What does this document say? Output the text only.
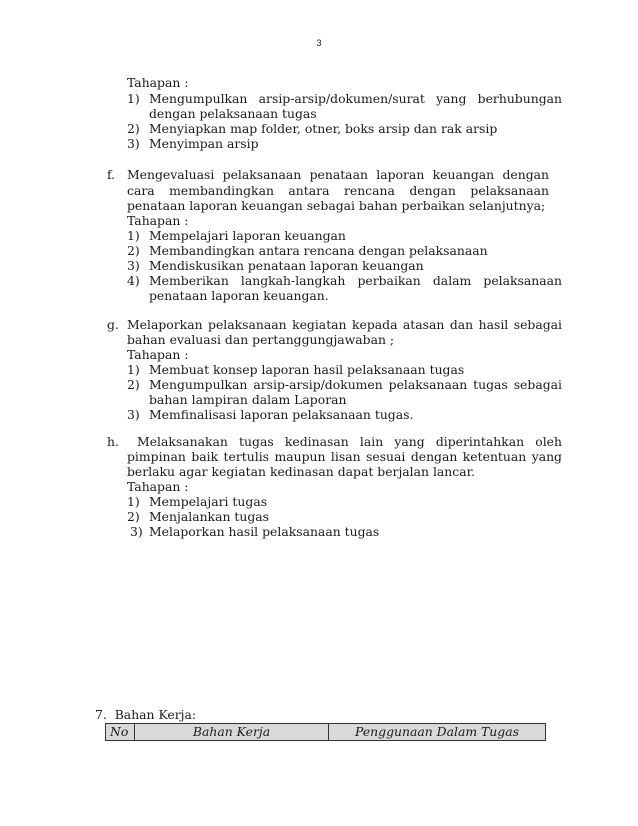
3
Tahapan :
1) Mengumpulkan arsip-arsip/dokumen/surat yang berhubungan
dengan pelaksanaan tugas
2) Menyiapkan map folder, otner, boks arsip dan rak arsip
3) Menyimpan arsip
f. Mengevaluasi pelaksanaan penataan laporan keuangan dengan
cara membandingkan antara rencana dengan pelaksanaan
penataan laporan keuangan sebagai bahan perbaikan selanjutnya;
Tahapan :
1) Mempelajari laporan keuangan
2) Membandingkan antara rencana dengan pelaksanaan
3) Mendiskusikan penataan laporan keuangan
4) Memberikan langkah-langkah perbaikan dalam pelaksanaan
penataan laporan keuangan.
g. Melaporkan pelaksanaan kegiatan kepada atasan dan hasil sebagai
bahan evaluasi dan pertanggungjawaban ;
Tahapan :
1) Membuat konsep laporan hasil pelaksanaan tugas
2) Mengumpulkan arsip-arsip/dokumen pelaksanaan tugas sebagai
bahan lampiran dalam Laporan
3) Memfinalisasi laporan pelaksanaan tugas.
h. Melaksanakan tugas kedinasan lain yang diperintahkan oleh
pimpinan baik tertulis maupun lisan sesuai dengan ketentuan yang
berlaku agar kegiatan kedinasan dapat berjalan lancar.
Tahapan :
1) Mempelajari tugas
2) Menjalankan tugas
3) Melaporkan hasil pelaksanaan tugas
7.  Bahan Kerja:
No	Bahan Kerja	Penggunaan Dalam Tugas
